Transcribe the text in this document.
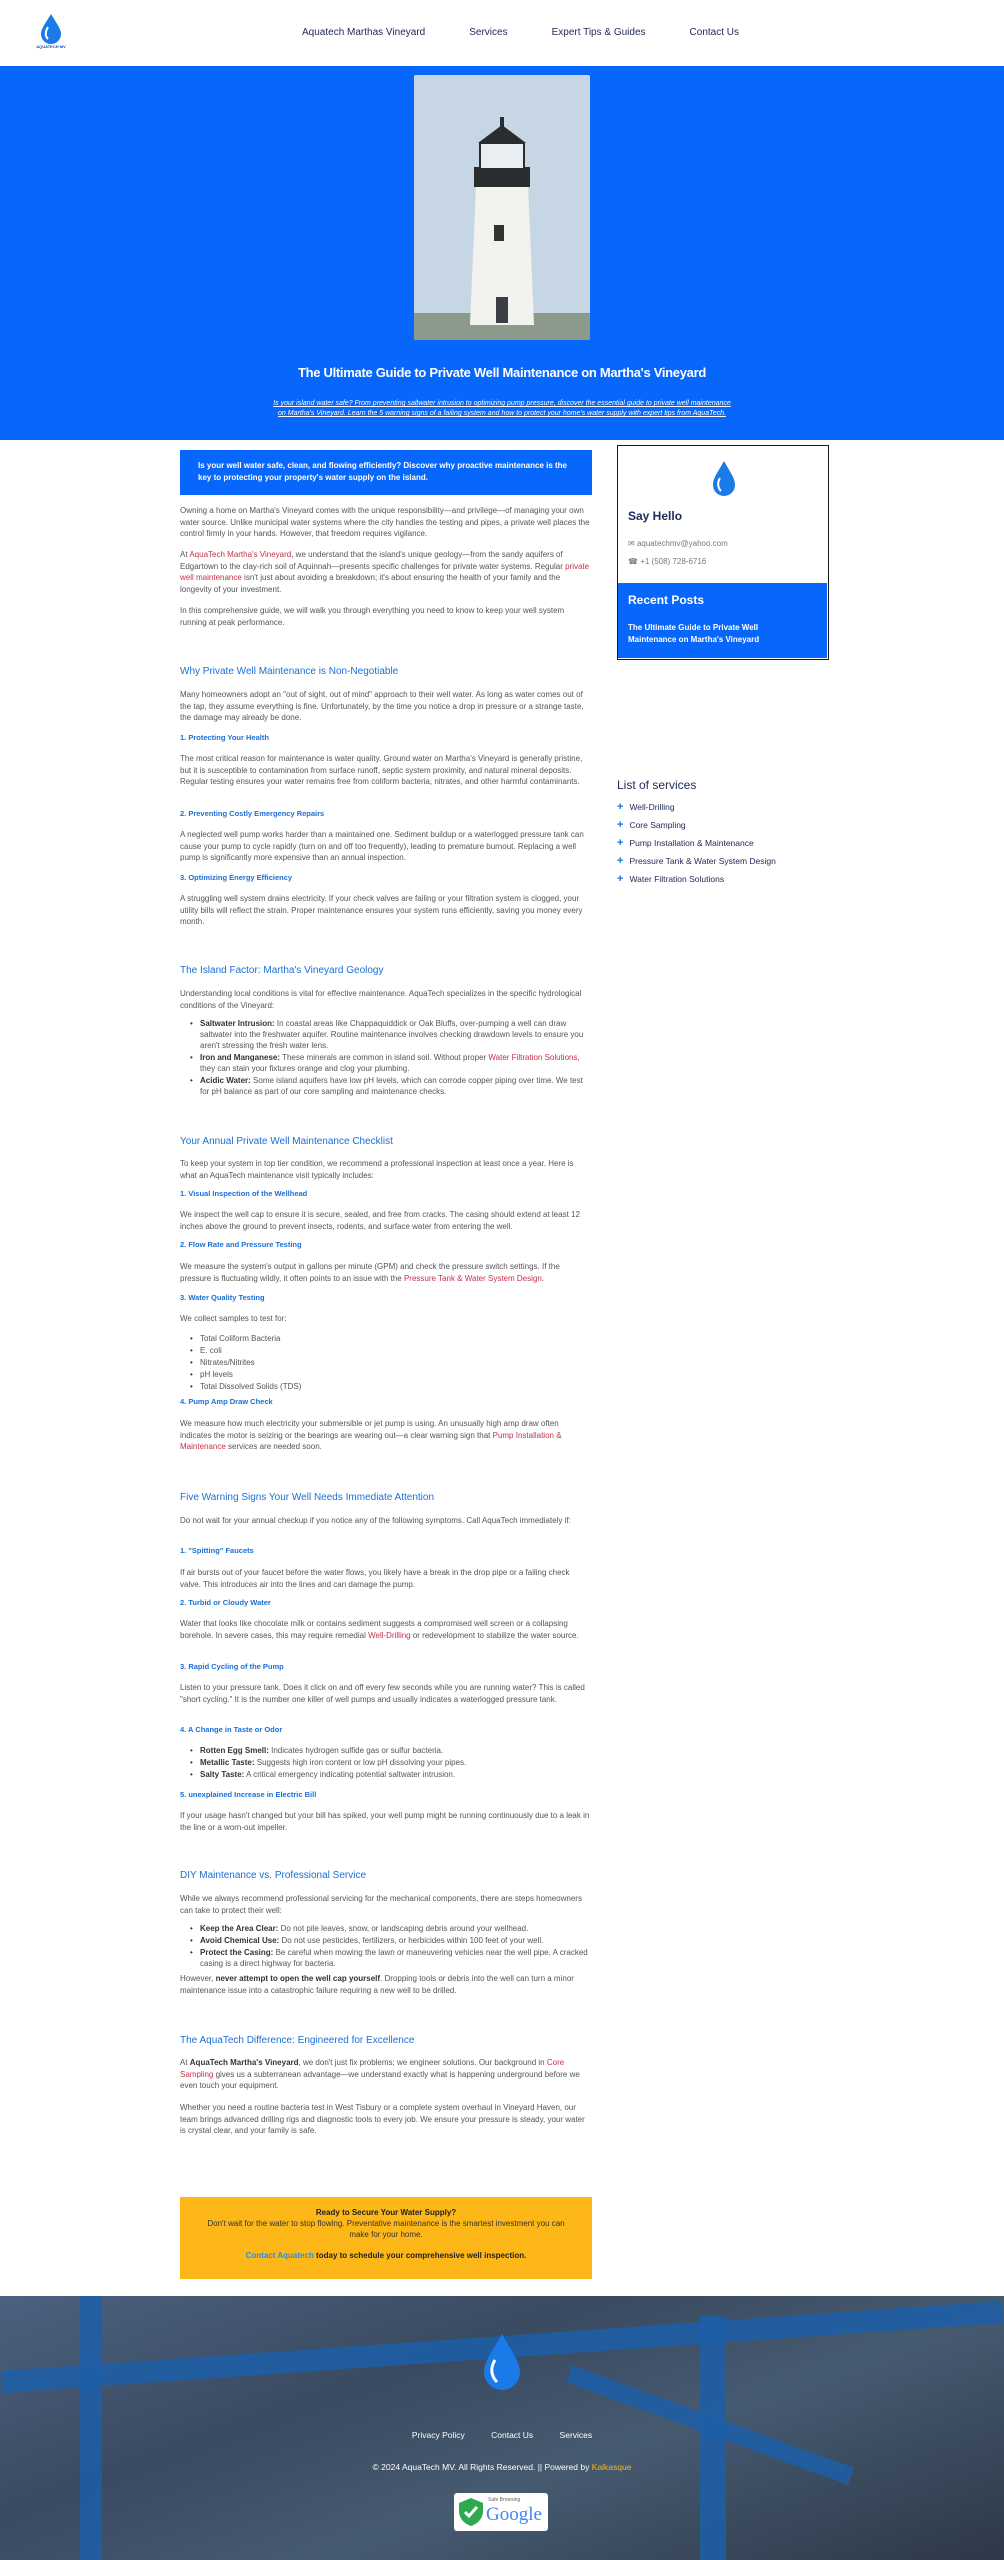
AQUATECH MV
Aquatech Marthas Vineyard	Services	Expert Tips & Guides	Contact Us
The Ultimate Guide to Private Well Maintenance on Martha's Vineyard
Is your island water safe? From preventing saltwater intrusion to optimizing pump pressure, discover the essential guide to private well maintenance on Martha's Vineyard. Learn the 5 warning signs of a failing system and how to protect your home's water supply with expert tips from AquaTech.
Is your well water safe, clean, and flowing efficiently? Discover why proactive maintenance is the key to protecting your property's water supply on the island.

Owning a home on Martha's Vineyard comes with the unique responsibility—and privilege—of managing your own water source. Unlike municipal water systems where the city handles the testing and pipes, a private well places the control firmly in your hands. However, that freedom requires vigilance.

At AquaTech Martha's Vineyard, we understand that the island's unique geology—from the sandy aquifers of Edgartown to the clay-rich soil of Aquinnah—presents specific challenges for private water systems. Regular private well maintenance isn't just about avoiding a breakdown; it's about ensuring the health of your family and the longevity of your investment.

In this comprehensive guide, we will walk you through everything you need to know to keep your well system running at peak performance.

Why Private Well Maintenance is Non-Negotiable

Many homeowners adopt an "out of sight, out of mind" approach to their well water. As long as water comes out of the tap, they assume everything is fine. Unfortunately, by the time you notice a drop in pressure or a strange taste, the damage may already be done.

1. Protecting Your Health

The most critical reason for maintenance is water quality. Ground water on Martha's Vineyard is generally pristine, but it is susceptible to contamination from surface runoff, septic system proximity, and natural mineral deposits. Regular testing ensures your water remains free from coliform bacteria, nitrates, and other harmful contaminants.

2. Preventing Costly Emergency Repairs

A neglected well pump works harder than a maintained one. Sediment buildup or a waterlogged pressure tank can cause your pump to cycle rapidly (turn on and off too frequently), leading to premature burnout. Replacing a well pump is significantly more expensive than an annual inspection.

3. Optimizing Energy Efficiency

A struggling well system drains electricity. If your check valves are failing or your filtration system is clogged, your utility bills will reflect the strain. Proper maintenance ensures your system runs efficiently, saving you money every month.

The Island Factor: Martha's Vineyard Geology

Understanding local conditions is vital for effective maintenance. AquaTech specializes in the specific hydrological conditions of the Vineyard:

• Saltwater Intrusion: In coastal areas like Chappaquiddick or Oak Bluffs, over-pumping a well can draw saltwater into the freshwater aquifer. Routine maintenance involves checking drawdown levels to ensure you aren't stressing the fresh water lens.
• Iron and Manganese: These minerals are common in island soil. Without proper Water Filtration Solutions, they can stain your fixtures orange and clog your plumbing.
• Acidic Water: Some island aquifers have low pH levels, which can corrode copper piping over time. We test for pH balance as part of our core sampling and maintenance checks.
Your Annual Private Well Maintenance Checklist

To keep your system in top tier condition, we recommend a professional inspection at least once a year. Here is what an AquaTech maintenance visit typically includes:

1. Visual Inspection of the Wellhead

We inspect the well cap to ensure it is secure, sealed, and free from cracks. The casing should extend at least 12 inches above the ground to prevent insects, rodents, and surface water from entering the well.

2. Flow Rate and Pressure Testing

We measure the system's output in gallons per minute (GPM) and check the pressure switch settings. If the pressure is fluctuating wildly, it often points to an issue with the Pressure Tank & Water System Design.

3. Water Quality Testing

We collect samples to test for:

• Total Coliform Bacteria
• E. coli
• Nitrates/Nitrites
• pH levels
• Total Dissolved Solids (TDS)
4. Pump Amp Draw Check

We measure how much electricity your submersible or jet pump is using. An unusually high amp draw often indicates the motor is seizing or the bearings are wearing out—a clear warning sign that Pump Installation & Maintenance services are needed soon.

Five Warning Signs Your Well Needs Immediate Attention

Do not wait for your annual checkup if you notice any of the following symptoms. Call AquaTech immediately if:

1. "Spitting" Faucets

If air bursts out of your faucet before the water flows, you likely have a break in the drop pipe or a failing check valve. This introduces air into the lines and can damage the pump.

2. Turbid or Cloudy Water

Water that looks like chocolate milk or contains sediment suggests a compromised well screen or a collapsing borehole. In severe cases, this may require remedial Well-Drilling or redevelopment to stabilize the water source.

3. Rapid Cycling of the Pump

Listen to your pressure tank. Does it click on and off every few seconds while you are running water? This is called "short cycling." It is the number one killer of well pumps and usually indicates a waterlogged pressure tank.

4. A Change in Taste or Odor
• Rotten Egg Smell: Indicates hydrogen sulfide gas or sulfur bacteria.
• Metallic Taste: Suggests high iron content or low pH dissolving your pipes.
• Salty Taste: A critical emergency indicating potential saltwater intrusion.
5. unexplained Increase in Electric Bill

If your usage hasn't changed but your bill has spiked, your well pump might be running continuously due to a leak in the line or a worn-out impeller.

DIY Maintenance vs. Professional Service

While we always recommend professional servicing for the mechanical components, there are steps homeowners can take to protect their well:

• Keep the Area Clear: Do not pile leaves, snow, or landscaping debris around your wellhead.
• Avoid Chemical Use: Do not use pesticides, fertilizers, or herbicides within 100 feet of your well.
• Protect the Casing: Be careful when mowing the lawn or maneuvering vehicles near the well pipe. A cracked casing is a direct highway for bacteria.

However, never attempt to open the well cap yourself. Dropping tools or debris into the well can turn a minor maintenance issue into a catastrophic failure requiring a new well to be drilled.

The AquaTech Difference: Engineered for Excellence

At AquaTech Martha's Vineyard, we don't just fix problems; we engineer solutions. Our background in Core Sampling gives us a subterranean advantage—we understand exactly what is happening underground before we even touch your equipment.

Whether you need a routine bacteria test in West Tisbury or a complete system overhaul in Vineyard Haven, our team brings advanced drilling rigs and diagnostic tools to every job. We ensure your pressure is steady, your water is crystal clear, and your family is safe.

Ready to Secure Your Water Supply?
Don't wait for the water to stop flowing. Preventative maintenance is the smartest investment you can make for your home.
Contact Aquatech today to schedule your comprehensive well inspection.
Say Hello
✉ aquatechmv@yahoo.com
☎ +1 (508) 728-6716
Recent Posts
The Ultimate Guide to Private Well Maintenance on Martha's Vineyard
List of services
+ Well-Drilling
+ Core Sampling
+ Pump Installation & Maintenance
+ Pressure Tank & Water System Design
+ Water Filtration Solutions
Privacy Policy	Contact Us	Services
© 2024 AquaTech MV. All Rights Reserved. || Powered by Kalkasque
Safe Browsing
Google
